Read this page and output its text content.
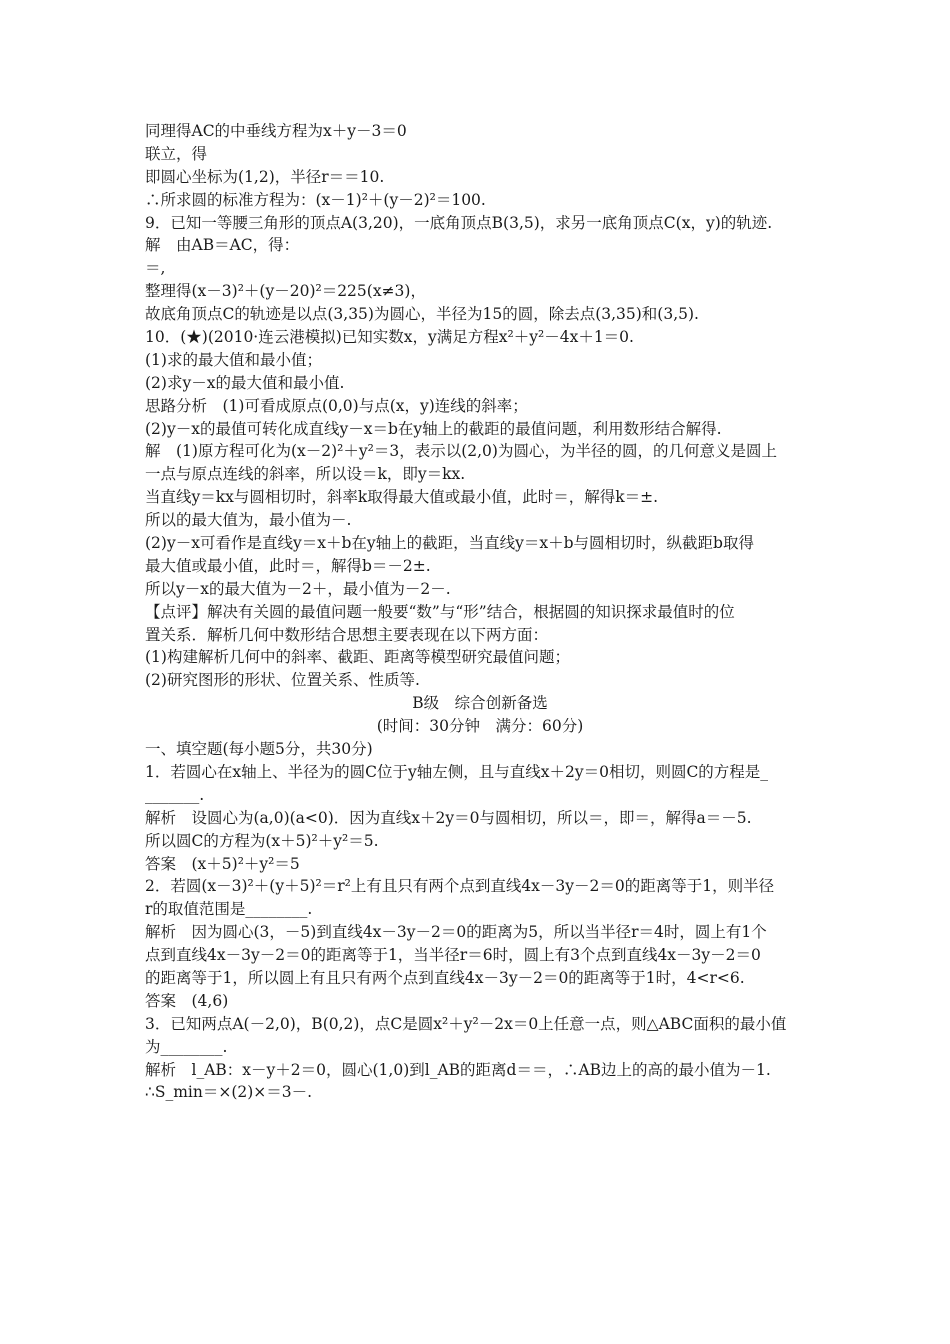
同理得AC的中垂线方程为x＋y－3＝0
联立，得
即圆心坐标为(1,2)，半径r＝＝10.
∴所求圆的标准方程为：(x－1)²＋(y－2)²＝100.
9．已知一等腰三角形的顶点A(3,20)，一底角顶点B(3,5)，求另一底角顶点C(x，y)的轨迹.
解　由AB＝AC，得：
＝,
整理得(x－3)²＋(y－20)²＝225(x≠3)，
故底角顶点C的轨迹是以点(3,35)为圆心，半径为15的圆，除去点(3,35)和(3,5).
10．(★)(2010·连云港模拟)已知实数x，y满足方程x²＋y²－4x＋1＝0.
(1)求的最大值和最小值；
(2)求y－x的最大值和最小值.
思路分析　(1)可看成原点(0,0)与点(x，y)连线的斜率；
(2)y－x的最值可转化成直线y－x＝b在y轴上的截距的最值问题，利用数形结合解得.
解　(1)原方程可化为(x－2)²＋y²＝3，表示以(2,0)为圆心，为半径的圆，的几何意义是圆上
一点与原点连线的斜率，所以设＝k，即y＝kx.
当直线y＝kx与圆相切时，斜率k取得最大值或最小值，此时＝，解得k＝±.
所以的最大值为，最小值为－.
(2)y－x可看作是直线y＝x＋b在y轴上的截距，当直线y＝x＋b与圆相切时，纵截距b取得
最大值或最小值，此时＝，解得b＝－2±.
所以y－x的最大值为－2＋，最小值为－2－.
【点评】解决有关圆的最值问题一般要“数”与“形”结合，根据圆的知识探求最值时的位
置关系．解析几何中数形结合思想主要表现在以下两方面：
(1)构建解析几何中的斜率、截距、距离等模型研究最值问题；
(2)研究图形的形状、位置关系、性质等.
B级　综合创新备选
(时间：30分钟　满分：60分)
一、填空题(每小题5分，共30分)
1．若圆心在x轴上、半径为的圆C位于y轴左侧，且与直线x＋2y＝0相切，则圆C的方程是_
_______.
解析　设圆心为(a,0)(a<0)．因为直线x＋2y＝0与圆相切，所以＝，即＝，解得a＝－5.
所以圆C的方程为(x＋5)²＋y²＝5.
答案　(x＋5)²＋y²＝5
2．若圆(x－3)²＋(y＋5)²＝r²上有且只有两个点到直线4x－3y－2＝0的距离等于1，则半径
r的取值范围是________.
解析　因为圆心(3，－5)到直线4x－3y－2＝0的距离为5，所以当半径r＝4时，圆上有1个
点到直线4x－3y－2＝0的距离等于1，当半径r＝6时，圆上有3个点到直线4x－3y－2＝0
的距离等于1，所以圆上有且只有两个点到直线4x－3y－2＝0的距离等于1时，4<r<6.
答案　(4,6)
3．已知两点A(－2,0)，B(0,2)，点C是圆x²＋y²－2x＝0上任意一点，则△ABC面积的最小值
为________.
解析　l_AB：x－y＋2＝0，圆心(1,0)到l_AB的距离d＝＝，∴AB边上的高的最小值为－1.
∴S_min＝×(2)×＝3－.
